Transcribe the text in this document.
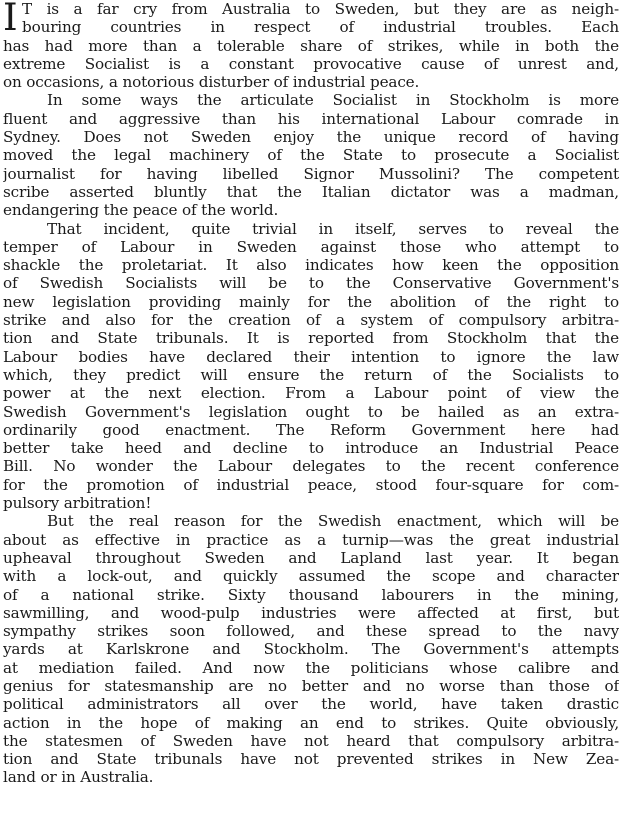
I T is a far cry from Australia to Sweden, but they are as neigh-
bouring countries in respect of industrial troubles. Each
has had more than a tolerable share of strikes, while in both the
extreme Socialist is a constant provocative cause of unrest and,
on occasions, a notorious disturber of industrial peace.
In some ways the articulate Socialist in Stockholm is more
fluent and aggressive than his international Labour comrade in
Sydney. Does not Sweden enjoy the unique record of having
moved the legal machinery of the State to prosecute a Socialist
journalist for having libelled Signor Mussolini? The competent
scribe asserted bluntly that the Italian dictator was a madman,
endangering the peace of the world.
That incident, quite trivial in itself, serves to reveal the
temper of Labour in Sweden against those who attempt to
shackle the proletariat. It also indicates how keen the opposition
of Swedish Socialists will be to the Conservative Government's
new legislation providing mainly for the abolition of the right to
strike and also for the creation of a system of compulsory arbitra-
tion and State tribunals. It is reported from Stockholm that the
Labour bodies have declared their intention to ignore the law
which, they predict will ensure the return of the Socialists to
power at the next election. From a Labour point of view the
Swedish Government's legislation ought to be hailed as an extra-
ordinarily good enactment. The Reform Government here had
better take heed and decline to introduce an Industrial Peace
Bill. No wonder the Labour delegates to the recent conference
for the promotion of industrial peace, stood four-square for com-
pulsory arbitration!
But the real reason for the Swedish enactment, which will be
about as effective in practice as a turnip—was the great industrial
upheaval throughout Sweden and Lapland last year. It began
with a lock-out, and quickly assumed the scope and character
of a national strike. Sixty thousand labourers in the mining,
sawmilling, and wood-pulp industries were affected at first, but
sympathy strikes soon followed, and these spread to the navy
yards at Karlskrone and Stockholm. The Government's attempts
at mediation failed. And now the politicians whose calibre and
genius for statesmanship are no better and no worse than those of
political administrators all over the world, have taken drastic
action in the hope of making an end to strikes. Quite obviously,
the statesmen of Sweden have not heard that compulsory arbitra-
tion and State tribunals have not prevented strikes in New Zea-
land or in Australia.
